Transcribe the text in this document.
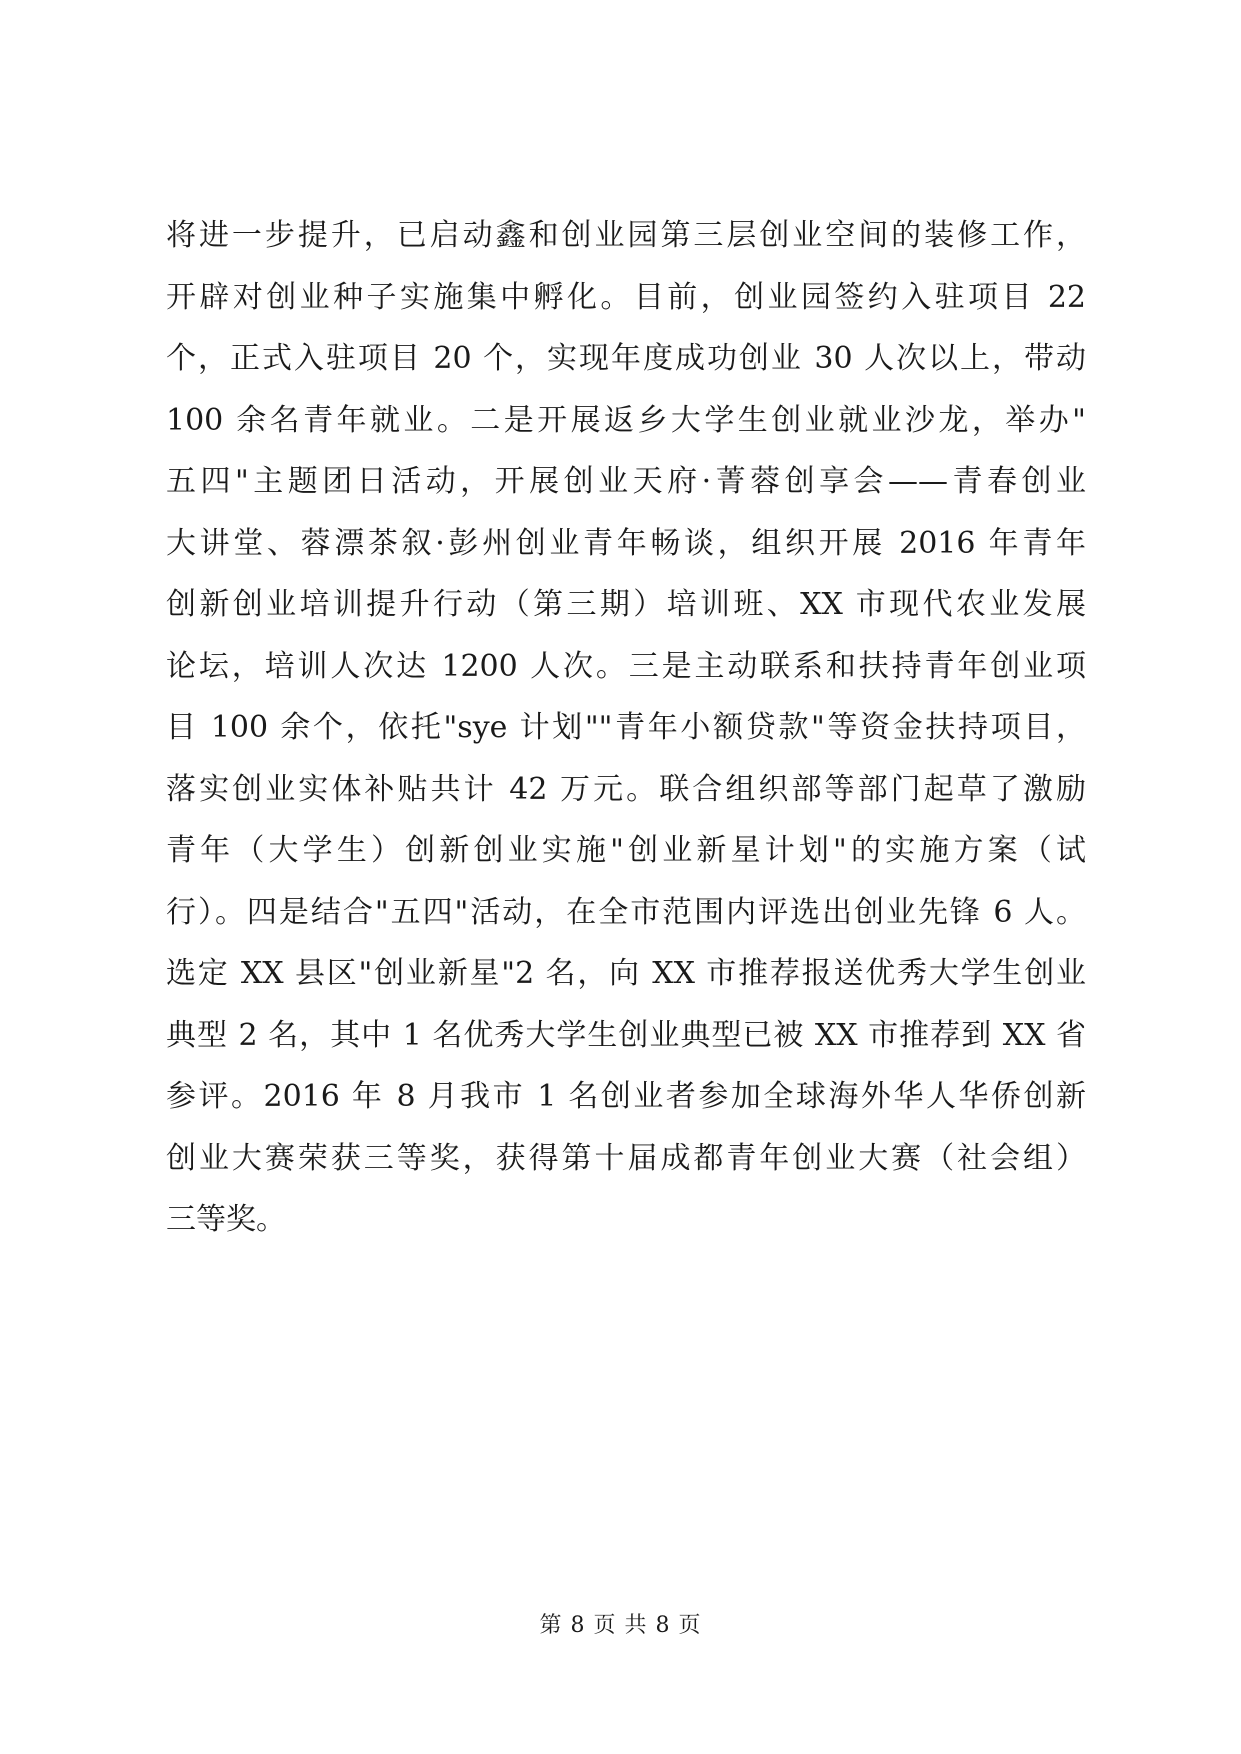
将进一步提升，已启动鑫和创业园第三层创业空间的装修工作，
开辟对创业种子实施集中孵化。目前，创业园签约入驻项目 22
个，正式入驻项目 20 个，实现年度成功创业 30 人次以上，带动
100 余名青年就业。二是开展返乡大学生创业就业沙龙，举办"
五四"主题团日活动，开展创业天府·菁蓉创享会——青春创业
大讲堂、蓉漂茶叙·彭州创业青年畅谈，组织开展 2016 年青年
创新创业培训提升行动（第三期）培训班、XX 市现代农业发展
论坛，培训人次达 1200 人次。三是主动联系和扶持青年创业项
目 100 余个，依托"sye 计划""青年小额贷款"等资金扶持项目，
落实创业实体补贴共计 42 万元。联合组织部等部门起草了激励
青年（大学生）创新创业实施"创业新星计划"的实施方案（试
行）。四是结合"五四"活动，在全市范围内评选出创业先锋 6 人。
选定 XX 县区"创业新星"2 名，向 XX 市推荐报送优秀大学生创业
典型 2 名，其中 1 名优秀大学生创业典型已被 XX 市推荐到 XX 省
参评。2016 年 8 月我市 1 名创业者参加全球海外华人华侨创新
创业大赛荣获三等奖，获得第十届成都青年创业大赛（社会组）
三等奖。
第 8 页 共 8 页
